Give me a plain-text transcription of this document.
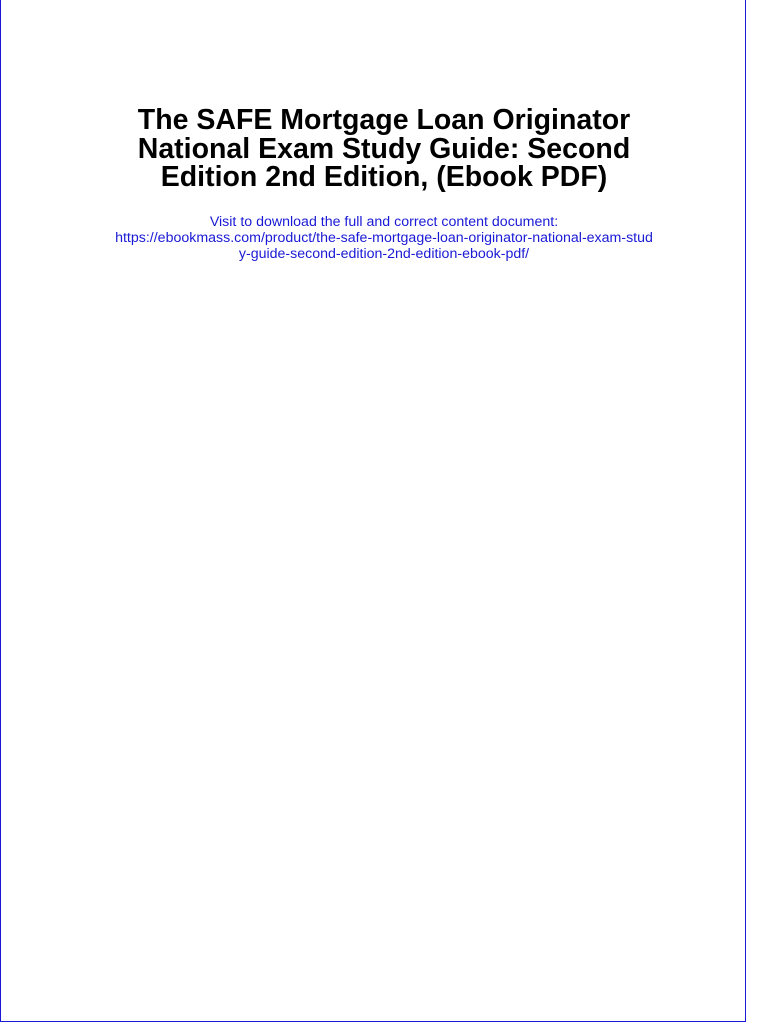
The SAFE Mortgage Loan Originator
National Exam Study Guide: Second
Edition 2nd Edition, (Ebook PDF)
Visit to download the full and correct content document:
https://ebookmass.com/product/the-safe-mortgage-loan-originator-national-exam-stud
y-guide-second-edition-2nd-edition-ebook-pdf/
